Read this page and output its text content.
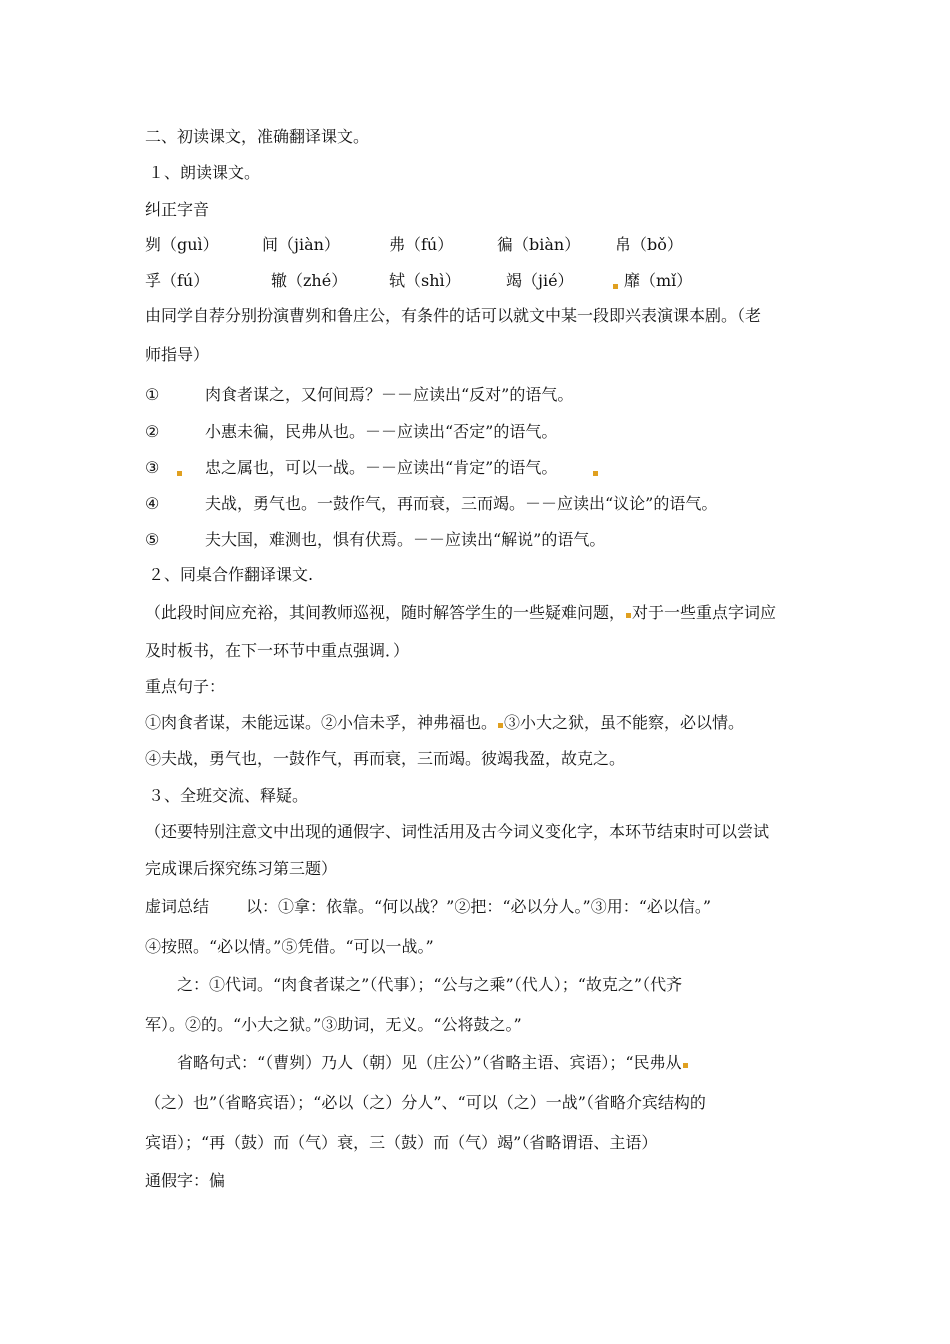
二、初读课文，准确翻译课文。
１、朗读课文。
纠正字音
刿（guì）	间（jiàn）	弗（fú）	徧（biàn） 帛（bǒ）
孚（fú）	辙（zhé）	轼（shì）	竭（jié）	靡（mǐ）
由同学自荐分别扮演曹刿和鲁庄公，有条件的话可以就文中某一段即兴表演课本剧。（老
师指导）
①	肉食者谋之，又何间焉？－－应读出“反对”的语气。
②	小惠未徧，民弗从也。－－应读出“否定”的语气。
③	忠之属也，可以一战。－－应读出“肯定”的语气。
④	夫战，勇气也。一鼓作气，再而衰，三而竭。－－应读出“议论”的语气。
⑤	夫大国，难测也，惧有伏焉。－－应读出“解说”的语气。
２、同桌合作翻译课文.
（此段时间应充裕，其间教师巡视，随时解答学生的一些疑难问题， 对于一些重点字词应
及时板书，在下一环节中重点强调．）
重点句子：
①肉食者谋，未能远谋。②小信未孚，神弗福也。 ③小大之狱，虽不能察，必以情。
④夫战，勇气也，一鼓作气，再而衰，三而竭。彼竭我盈，故克之。
３、全班交流、释疑。
（还要特别注意文中出现的通假字、词性活用及古今词义变化字，本环节结束时可以尝试
完成课后探究练习第三题）
虚词总结 以：①拿：依靠。“何以战？”②把：“必以分人。”③用：“必以信。”
④按照。“必以情。”⑤凭借。“可以一战。”
之：①代词。“肉食者谋之”（代事）；“公与之乘”（代人）；“故克之”（代齐
军）。②的。“小大之狱。”③助词，无义。“公将鼓之。”
省略句式：“（曹刿）乃人（朝）见（庄公）”（省略主语、宾语）；“民弗从
（之）也”（省略宾语）；“必以（之）分人”、“可以（之）一战”（省略介宾结构的
宾语）；“再（鼓）而（气）衰，三（鼓）而（气）竭”（省略谓语、主语）
通假字：偏
